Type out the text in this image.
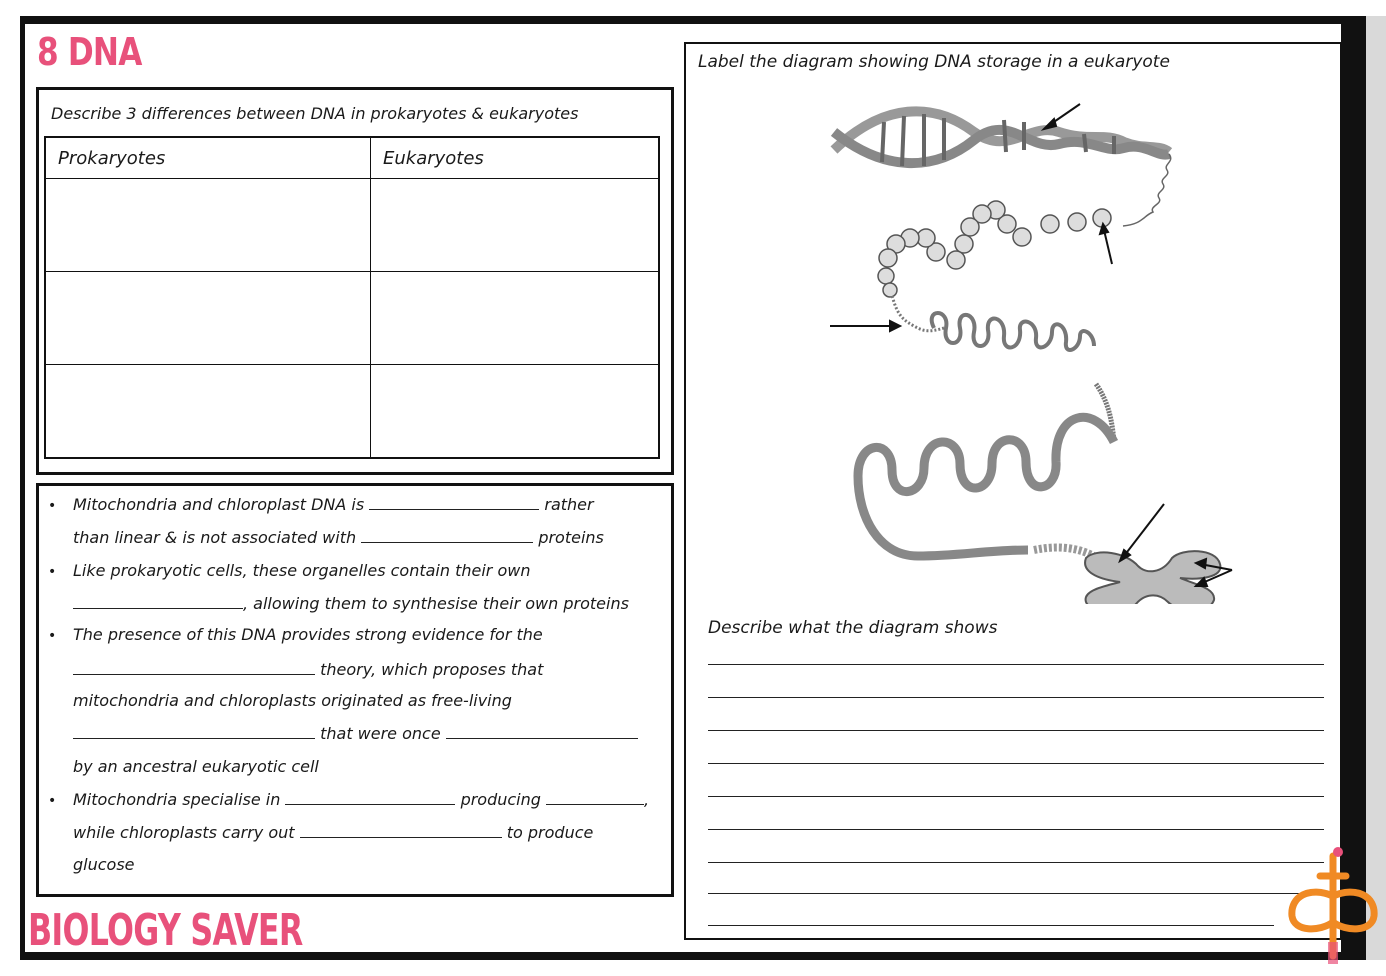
8 DNA
Describe 3 differences between DNA in prokaryotes & eukaryotes
Prokaryotes	Eukaryotes

• Mitochondria and chloroplast DNA is	rather
than linear & is not associated with	proteins
• Like prokaryotic cells, these organelles contain their own
, allowing them to synthesise their own proteins
• The presence of this DNA provides strong evidence for the
theory, which proposes that
mitochondria and chloroplasts originated as free-living
that were once
by an ancestral eukaryotic cell
• Mitochondria specialise in	producing	,
while chloroplasts carry out	to produce
glucose
Label the diagram showing DNA storage in a eukaryote
Describe what the diagram shows
BIOLOGY SAVER
